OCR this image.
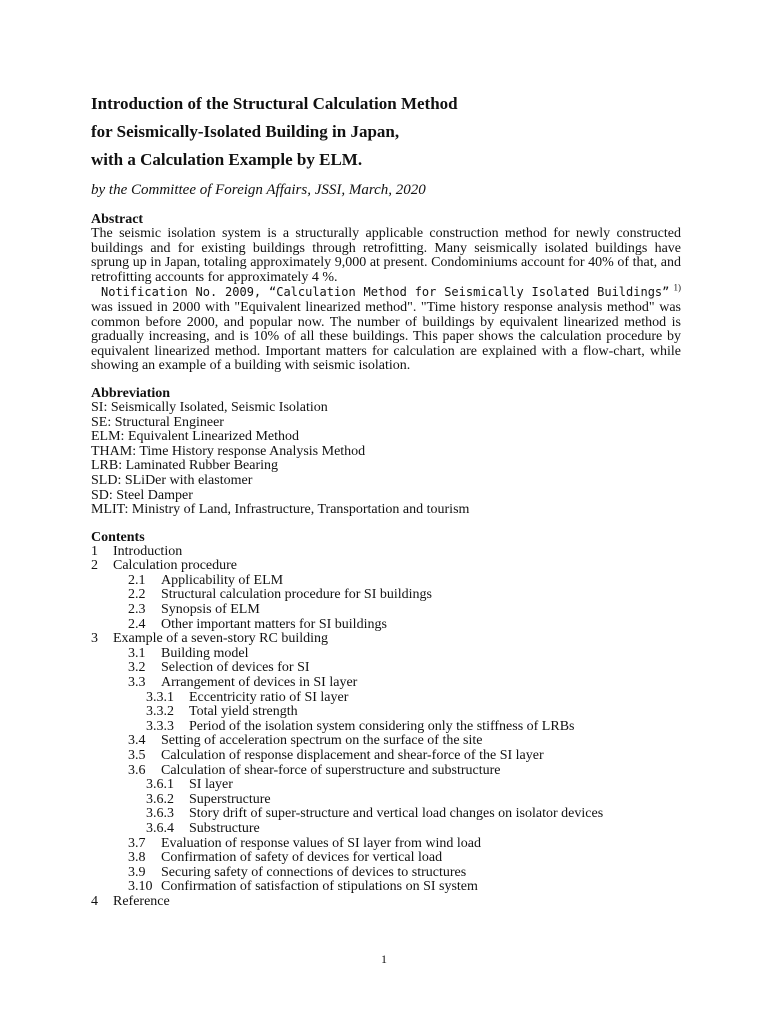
Introduction of the Structural Calculation Method
for Seismically-Isolated Building in Japan,
with a Calculation Example by ELM.
by the Committee of Foreign Affairs, JSSI, March, 2020
Abstract

The seismic isolation system is a structurally applicable construction method for newly constructed buildings and for existing buildings through retrofitting. Many seismically isolated buildings have sprung up in Japan, totaling approximately 9,000 at present. Condominiums account for 40% of that, and retrofitting accounts for approximately 4 %.

Notification No. 2009, “Calculation Method for Seismically Isolated Buildings” $^{1)}$ was issued in 2000 with "Equivalent linearized method". "Time history response analysis method" was common before 2000, and popular now. The number of buildings by equivalent linearized method is gradually increasing, and is 10% of all these buildings. This paper shows the calculation procedure by equivalent linearized method. Important matters for calculation are explained with a flow-chart, while showing an example of a building with seismic isolation.

Abbreviation
SI: Seismically Isolated, Seismic Isolation
SE: Structural Engineer
ELM: Equivalent Linearized Method
THAM: Time History response Analysis Method
LRB: Laminated Rubber Bearing
SLD: SLiDer with elastomer
SD: Steel Damper
MLIT: Ministry of Land, Infrastructure, Transportation and tourism
Contents
1 Introduction
2 Calculation procedure
2.1 Applicability of ELM
2.2 Structural calculation procedure for SI buildings
2.3 Synopsis of ELM
2.4 Other important matters for SI buildings
3 Example of a seven-story RC building
3.1 Building model
3.2 Selection of devices for SI
3.3 Arrangement of devices in SI layer
3.3.1 Eccentricity ratio of SI layer
3.3.2 Total yield strength
3.3.3 Period of the isolation system considering only the stiffness of LRBs
3.4 Setting of acceleration spectrum on the surface of the site
3.5 Calculation of response displacement and shear-force of the SI layer
3.6 Calculation of shear-force of superstructure and substructure
3.6.1 SI layer
3.6.2 Superstructure
3.6.3 Story drift of super-structure and vertical load changes on isolator devices
3.6.4 Substructure
3.7 Evaluation of response values of SI layer from wind load
3.8 Confirmation of safety of devices for vertical load
3.9 Securing safety of connections of devices to structures
3.10 Confirmation of satisfaction of stipulations on SI system
4 Reference
1
